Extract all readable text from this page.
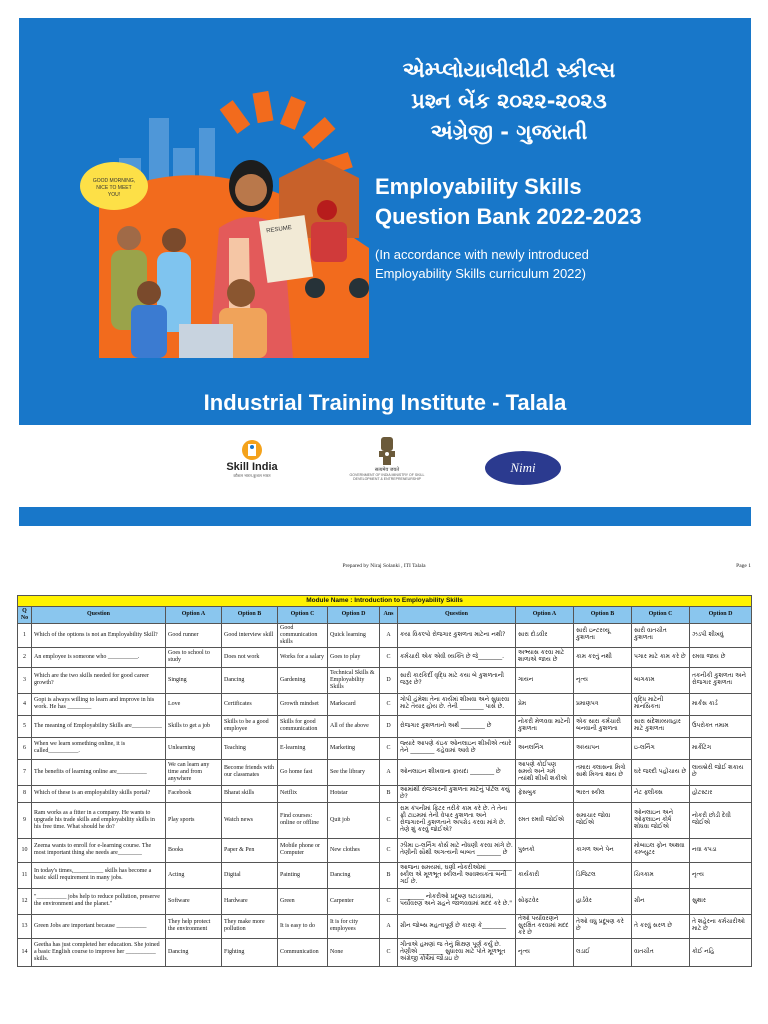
GOOD MORNING,
NICE TO MEET
YOU!
RESUME
એમ્પ્લોયાબીલીટી સ્કીલ્સ
પ્રશ્ન બેંક ૨૦૨૨-૨૦૨૩
અંગ્રેજી - ગુજરાતી
Employability Skills
Question Bank 2022-2023
(In accordance with newly introduced
Employability Skills curriculum 2022)
Industrial Training Institute - Talala
Skill India
कौशल भारत-कुशल भारत
सत्यमेव जयते
GOVERNMENT OF INDIA MINISTRY OF SKILL DEVELOPMENT & ENTREPRENEURSHIP
Nimi
Prepared by Niraj Solanki , ITI Talala	Page 1
Module Name : Introduction to Employability Skills											
Q No	Question	Option A	Option B	Option C	Option D	Ans	Question	Option A	Option B	Option C	Option D
1	Which of the options is not an Employability Skill?	Good runner	Good interview skill	Good communication skills	Quick learning	A	કયા વિકલ્પો રોજગાર કુશળતા માટેના નથી?	સારા દોડવીર	સારી ઇન્ટરવ્યૂ કુશળતા	સારી વાતચીત કુશળતા	ઝડપી શીખવું
2	An employee is someone who __________.	Goes to school to study	Does not work	Works for a salary	Goes to play	C	કર્મચારી એક એવી વ્યક્તિ છે જે________.	અભ્યાસ કરવા માટે શાળાએ જાય છે	કામ કરતું નથી	પગાર માટે કામ કરે છે	રમવા જાય છે
3	Which are the two skills needed for good career growth?	Singing	Dancing	Gardening	Technical Skills & Employability Skills	D	સારી કારકિર્દી વૃદ્ધિ માટે કયા બે કુશળતાની જરૂર છે?	ગાયન	નૃત્ય	બાગકામ	તકનીકી કુશળતા અને રોજગાર કુશળતા
4	Gopi is always willing to learn and improve in his work. He has ________	Love	Certificates	Growth mindset	Markscard	C	ગોપી હંમેશા તેના કાર્યમાં શીખવા અને સુધારવા માટે તૈયાર હોય છે. તેની ________ પાસે છે.	પ્રેમ	પ્રમાણપત્ર	વૃદ્ધિ માટેની માનસિકતા	માર્કસ કાર્ડ
5	The meaning of Employability Skills are__________	Skills to get a job	Skills to be a good employee	Skills for good communication	All of the above	D	રોજગાર કુશળતાનો અર્થ ________ છે	નોકરી મેળવવા માટેની કુશળતા	એક સારા કર્મચારી બનવાની કુશળતા	સારા સંદેશાવ્યવહાર માટે કુશળતા	ઉપરોક્ત તમામ
6	When we learn something online, it is called__________.	Unlearning	Teaching	E-learning	Marketing	C	જ્યારે આપણે કંઇક ઓનલાઇન શીખીએ ત્યારે તેને ________ કહેવામાં આવે છે	અનલર્નિંગ	અધ્યાપન	ઇ-લર્નિંગ	માર્કેટિંગ
7	The benefits of learning online are__________	We can learn any time and from anywhere	Become friends with our classmates	Go home fast	See the library	A	ઓનલાઇન શીખવાના ફાયદા ________ છે	આપણે કોઈપણ સમયે અને ગમે ત્યાંથી શીખી શકીએ	તમારા ક્લાસના મિત્રો સાથે મિત્રતા થાય છે	ઘરે જલ્દી પહોંચાય છે	લાયબ્રેરી જોઈ શકાય છે
8	Which of these is an employability skills portal?	Facebook	Bharat skills	Netflix	Hotstar	B	આમાંથી રોજગારની કુશળતા માટેનું પોર્ટલ કયું છે?	ફેસબુક	ભારત સ્કીલ	નેટ ફ્લીક્સ	હોટસ્ટાર
9	Ram works as a fitter in a company. He wants to upgrade his trade skills and employability skills in his free time. What should he do?	Play sports	Watch news	Find courses: online or offline	Quit job	C	રામ કંપનીમાં ફિટર તરીકે કામ કરે છે. તે તેના ફ્રી ટાઇમમાં તેની વેપાર કુશળતા અને રોજગારની કુશળતાને અપગ્રેડ કરવા માંગે છે. તેણે શું કરવું જોઈએ?	રમત રમવી જોઈએ	સમાચાર જોવા જોઈએ	ઓનલાઇન અને ઓફલાઇન કોર્ષ શોધવા જોઈએ	નોકરી છોડી દેવી જોઈએ
10	Zeema wants to enroll for e-learning course. The most important thing she needs are________	Books	Paper & Pen	Mobile phone or Computer	New clothes	C	ઝીમા ઇ-લર્નિંગ કોર્સ માટે નોંધણી કરવા માંગે છે. તેણીની સૌથી અગત્યની બાબત ________ છે	પુસ્તકો	કાગળ અને પેન	મોબાઇલ ફોન અથવા કમ્પ્યુટર	નવા કપડા
11	In today's times,__________ skills has become a basic skill requirement in many jobs.	Acting	Digital	Painting	Dancing	B	આજના સમયમાં, ઘણી નોકરીઓમાં ________ સ્કીલ એ મૂળભૂત સ્કીલની આવશ્યકતા બની ગઈ છે.	કાર્યકારી	ડિજિટલ	ચિત્રકામ	નૃત્ય
12	"__________ jobs help to reduce pollution, preserve the environment and the planet."	Software	Hardware	Green	Carpenter	C	________ નોકરીઓ પ્રદૂષણ ઘટાડવામાં, પર્યાવરણ અને ગ્રહને જાળવવામાં મદદ કરે છે."	સોફ્ટવેર	હાર્ડવેર	ગ્રીન	સુથાર
13	Green Jobs are important because __________	They help protect the environment	They make more pollution	It is easy to do	It is for city employees	A	ગ્રીન જોબ્સ મહત્વપૂર્ણ છે કારણ કે________	તેઓ પર્યાવરણને સુરક્ષિત કરવામાં મદદ કરે છે	તેઓ વધુ પ્રદૂષણ કરે છે	તે કરવું સરળ છે	તે શહેરના કર્મચારીઓ માટે છે
14	Geetha has just completed her education. She joined a basic English course to improve her __________ skills.	Dancing	Fighting	Communication	None	C	ગીતાએ હમણાં જ તેનું શિક્ષણ પૂર્ણ કર્યું છે. તેણીએ ________ સુધારવા માટે પોતે મૂળભૂત અંગ્રેજી કોર્ષમાં જોડાઇ છે	નૃત્ય	લડાઈ	વાતચીત	કોઈ નહિ
